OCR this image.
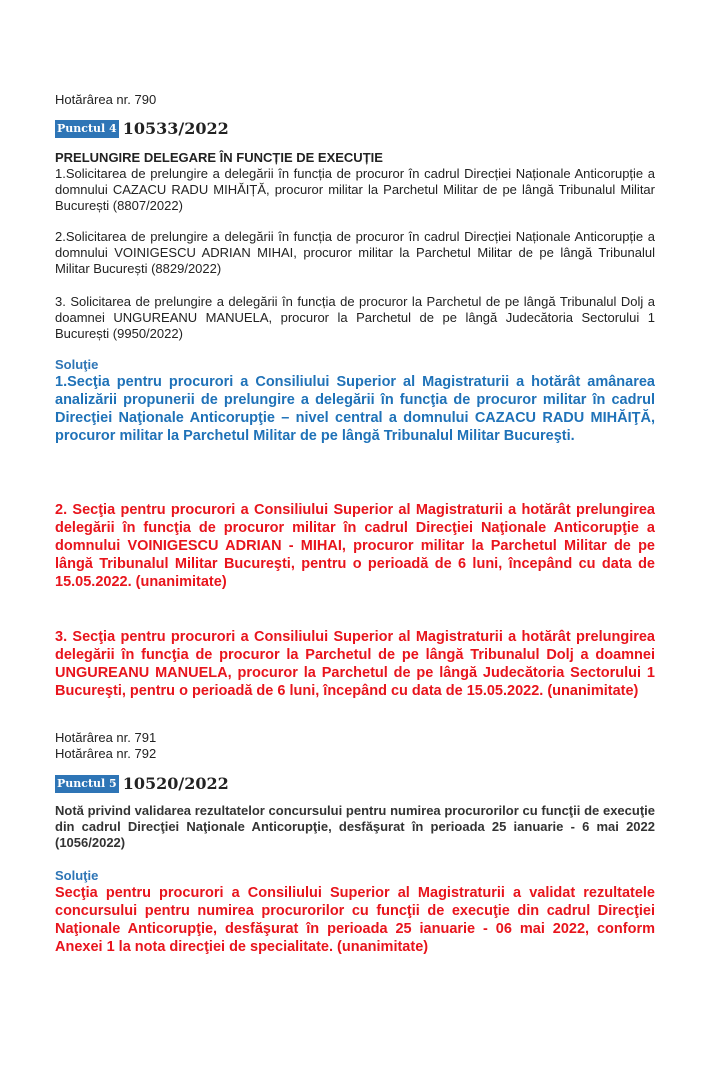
Hotărârea nr. 790
Punctul 4 10533/2022
PRELUNGIRE DELEGARE ÎN FUNCȚIE DE EXECUȚIE
1.Solicitarea de prelungire a delegării în funcția de procuror în cadrul Direcției Naționale Anticorupție a domnului CAZACU RADU MIHĂIȚĂ, procuror militar la Parchetul Militar de pe lângă Tribunalul Militar București (8807/2022)
2.Solicitarea de prelungire a delegării în funcția de procuror în cadrul Direcției Naționale Anticorupție a domnului VOINIGESCU ADRIAN MIHAI, procuror militar la Parchetul Militar de pe lângă Tribunalul Militar București (8829/2022)
3. Solicitarea de prelungire a delegării în funcția de procuror la Parchetul de pe lângă Tribunalul Dolj a doamnei UNGUREANU MANUELA, procuror la Parchetul de pe lângă Judecătoria Sectorului 1 București (9950/2022)
Soluţie
1.Secţia pentru procurori a Consiliului Superior al Magistraturii a hotărât amânarea analizării propunerii de prelungire a delegării în funcţia de procuror militar în cadrul Direcţiei Naţionale Anticorupţie – nivel central a domnului CAZACU RADU MIHĂIŢĂ, procuror militar la Parchetul Militar de pe lângă Tribunalul Militar Bucureşti.
2. Secţia pentru procurori a Consiliului Superior al Magistraturii a hotărât prelungirea delegării în funcţia de procuror militar în cadrul Direcţiei Naţionale Anticorupţie a domnului VOINIGESCU ADRIAN - MIHAI, procuror militar la Parchetul Militar de pe lângă Tribunalul Militar Bucureşti, pentru o perioadă de 6 luni, începând cu data de 15.05.2022. (unanimitate)
3. Secţia pentru procurori a Consiliului Superior al Magistraturii a hotărât prelungirea delegării în funcţia de procuror la Parchetul de pe lângă Tribunalul Dolj a doamnei UNGUREANU MANUELA, procuror la Parchetul de pe lângă Judecătoria Sectorului 1 Bucureşti, pentru o perioadă de 6 luni, începând cu data de 15.05.2022. (unanimitate)
Hotărârea nr. 791
Hotărârea nr. 792
Punctul 5 10520/2022
Notă privind validarea rezultatelor concursului pentru numirea procurorilor cu funcţii de execuţie din cadrul Direcţiei Naţionale Anticorupţie, desfăşurat în perioada 25 ianuarie - 6 mai 2022 (1056/2022)
Soluţie
Secţia pentru procurori a Consiliului Superior al Magistraturii a validat rezultatele concursului pentru numirea procurorilor cu funcţii de execuţie din cadrul Direcţiei Naţionale Anticorupţie, desfăşurat în perioada 25 ianuarie - 06 mai 2022, conform Anexei 1 la nota direcţiei de specialitate. (unanimitate)
